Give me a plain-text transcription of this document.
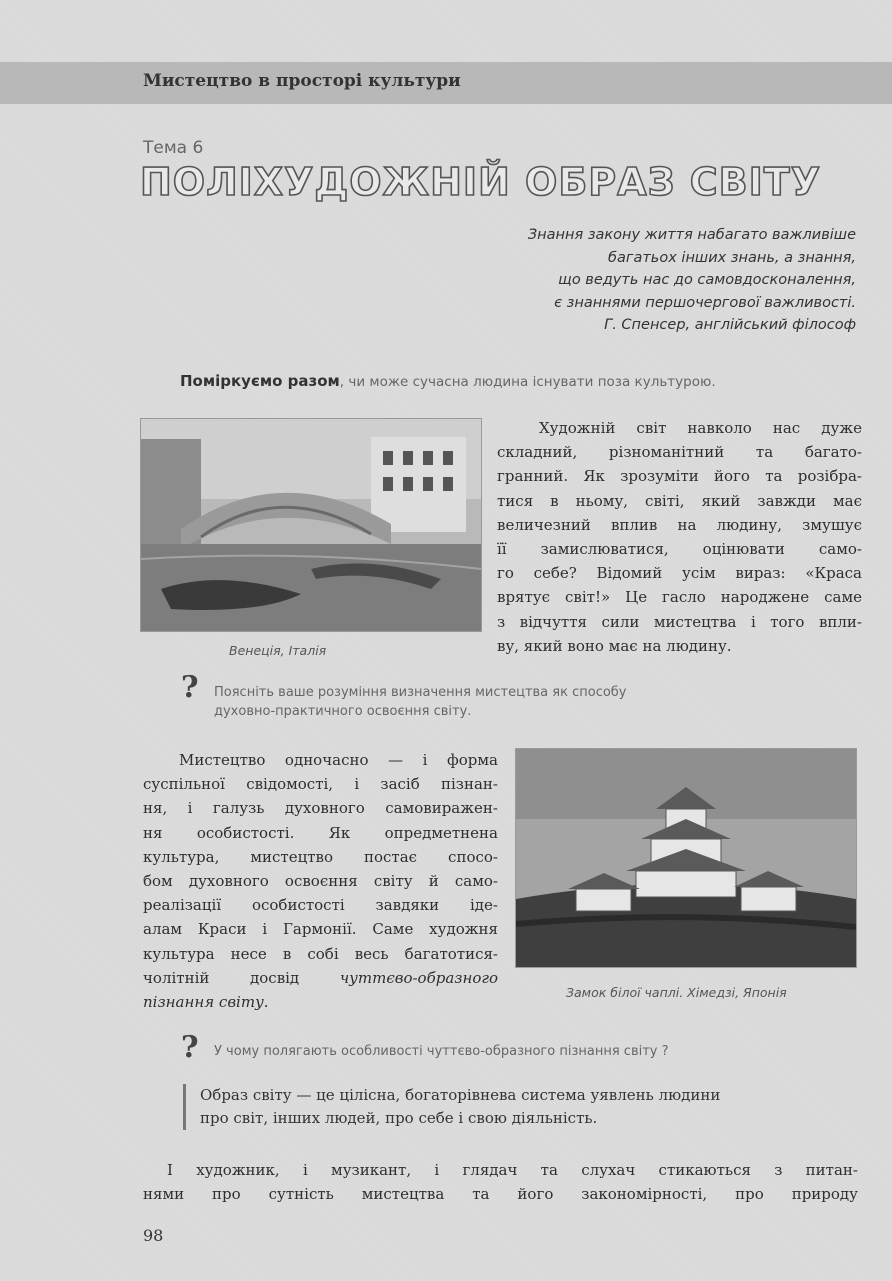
Мистецтво в просторі культури
Тема 6
ПОЛІХУДОЖНІЙ ОБРАЗ СВІТУ
Знання закону життя набагато важливіше
багатьох інших знань, а знання,
що ведуть нас до самовдосконалення,
є знаннями першочергової важливості.
Г. Спенсер, англійський філософ
Поміркуємо разом, чи може сучасна людина існувати поза культурою.
Венеція, Італія
Художній світ навколо нас дуже
складний, різноманітний та багато-
гранний. Як зрозуміти його та розібра-
тися в ньому, світі, який завжди має
величезний вплив на людину, змушує
її замислюватися, оцінювати само-
го себе? Відомий усім вираз: «Краса
врятує світ!» Це гасло народжене саме
з відчуття сили мистецтва і того впли-
ву, який воно має на людину.
? Поясніть ваше розуміння визначення мистецтва як способу
духовно-практичного освоєння світу.
Мистецтво одночасно — і форма
суспільної свідомості, і засіб пізнан-
ня, і галузь духовного самовиражен-
ня особистості. Як опредметнена
культура, мистецтво постає спосо-
бом духовного освоєння світу й само-
реалізації особистості завдяки іде-
алам Краси і Гармонії. Саме художня
культура несе в собі весь багатотися-
чолітній досвід	чуттєво-образного
пізнання світу.
Замок білої чаплі. Хімедзі, Японія
? У чому полягають особливості чуттєво-образного пізнання світу ?
Образ світу — це цілісна, богаторівнева система уявлень людини
про світ, інших людей, про себе і свою діяльність.
І художник, і музикант, і глядач та слухач стикаються з питан-
нями про сутність мистецтва та його закономірності, про природу
98
